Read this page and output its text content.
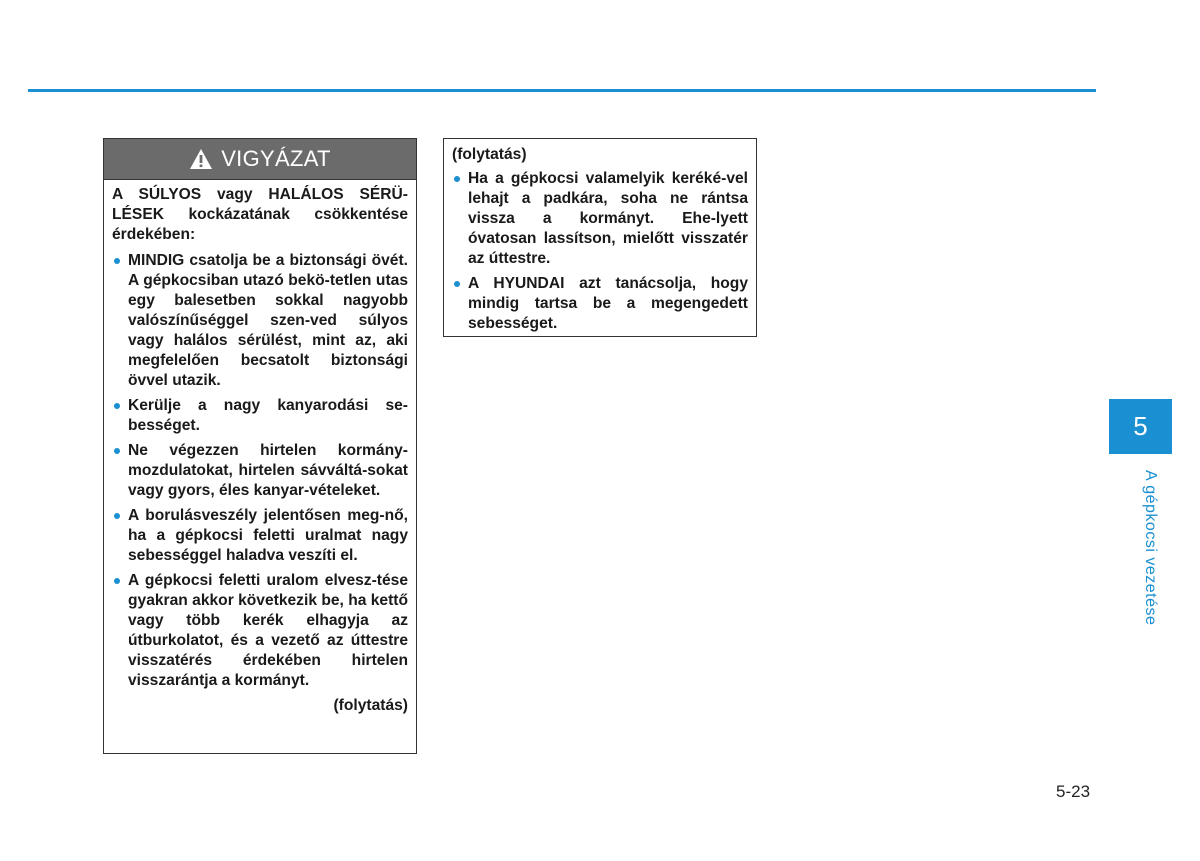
VIGYÁZAT
A SÚLYOS vagy HALÁLOS SÉRÜ-LÉSEK kockázatának csökkentése érdekében:
MINDIG csatolja be a biztonsági övét. A gépkocsiban utazó bekö-tetlen utas egy balesetben sokkal nagyobb valószínűséggel szen-ved súlyos vagy halálos sérülést, mint az, aki megfelelően becsatolt biztonsági övvel utazik.
Kerülje a nagy kanyarodási se-bességet.
Ne végezzen hirtelen kormány-mozdulatokat, hirtelen sávváltá-sokat vagy gyors, éles kanyar-vételeket.
A borulásveszély jelentősen meg-nő, ha a gépkocsi feletti uralmat nagy sebességgel haladva veszíti el.
A gépkocsi feletti uralom elvesz-tése gyakran akkor következik be, ha kettő vagy több kerék elhagyja az útburkolatot, és a vezető az úttestre visszatérés érdekében hirtelen visszarántja a kormányt.
(folytatás)
(folytatás)
Ha a gépkocsi valamelyik keréké-vel lehajt a padkára, soha ne rántsa vissza a kormányt. Ehe-lyett óvatosan lassítson, mielőtt visszatér az úttestre.
A HYUNDAI azt tanácsolja, hogy mindig tartsa be a megengedett sebességet.
5
A gépkocsi vezetése
5-23
